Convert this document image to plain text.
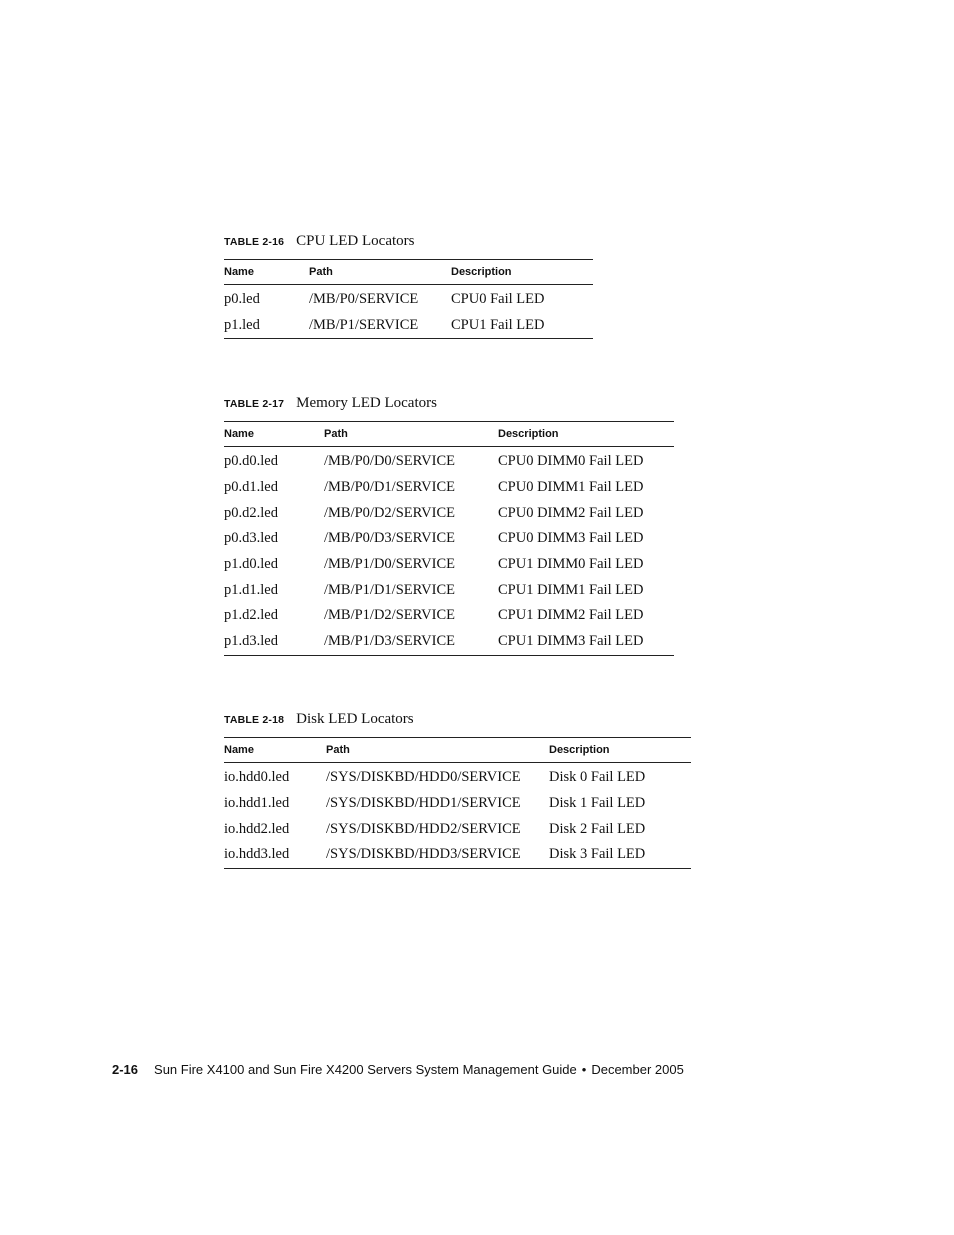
TABLE 2-16 CPU LED Locators
Name	Path	Description
p0.led	/MB/P0/SERVICE	CPU0 Fail LED
p1.led	/MB/P1/SERVICE	CPU1 Fail LED
TABLE 2-17 Memory LED Locators
Name	Path	Description
p0.d0.led	/MB/P0/D0/SERVICE	CPU0 DIMM0 Fail LED
p0.d1.led	/MB/P0/D1/SERVICE	CPU0 DIMM1 Fail LED
p0.d2.led	/MB/P0/D2/SERVICE	CPU0 DIMM2 Fail LED
p0.d3.led	/MB/P0/D3/SERVICE	CPU0 DIMM3 Fail LED
p1.d0.led	/MB/P1/D0/SERVICE	CPU1 DIMM0 Fail LED
p1.d1.led	/MB/P1/D1/SERVICE	CPU1 DIMM1 Fail LED
p1.d2.led	/MB/P1/D2/SERVICE	CPU1 DIMM2 Fail LED
p1.d3.led	/MB/P1/D3/SERVICE	CPU1 DIMM3 Fail LED
TABLE 2-18 Disk LED Locators
Name	Path	Description
io.hdd0.led	/SYS/DISKBD/HDD0/SERVICE	Disk 0 Fail LED
io.hdd1.led	/SYS/DISKBD/HDD1/SERVICE	Disk 1 Fail LED
io.hdd2.led	/SYS/DISKBD/HDD2/SERVICE	Disk 2 Fail LED
io.hdd3.led	/SYS/DISKBD/HDD3/SERVICE	Disk 3 Fail LED
2-16 Sun Fire X4100 and Sun Fire X4200 Servers System Management Guide • December 2005
